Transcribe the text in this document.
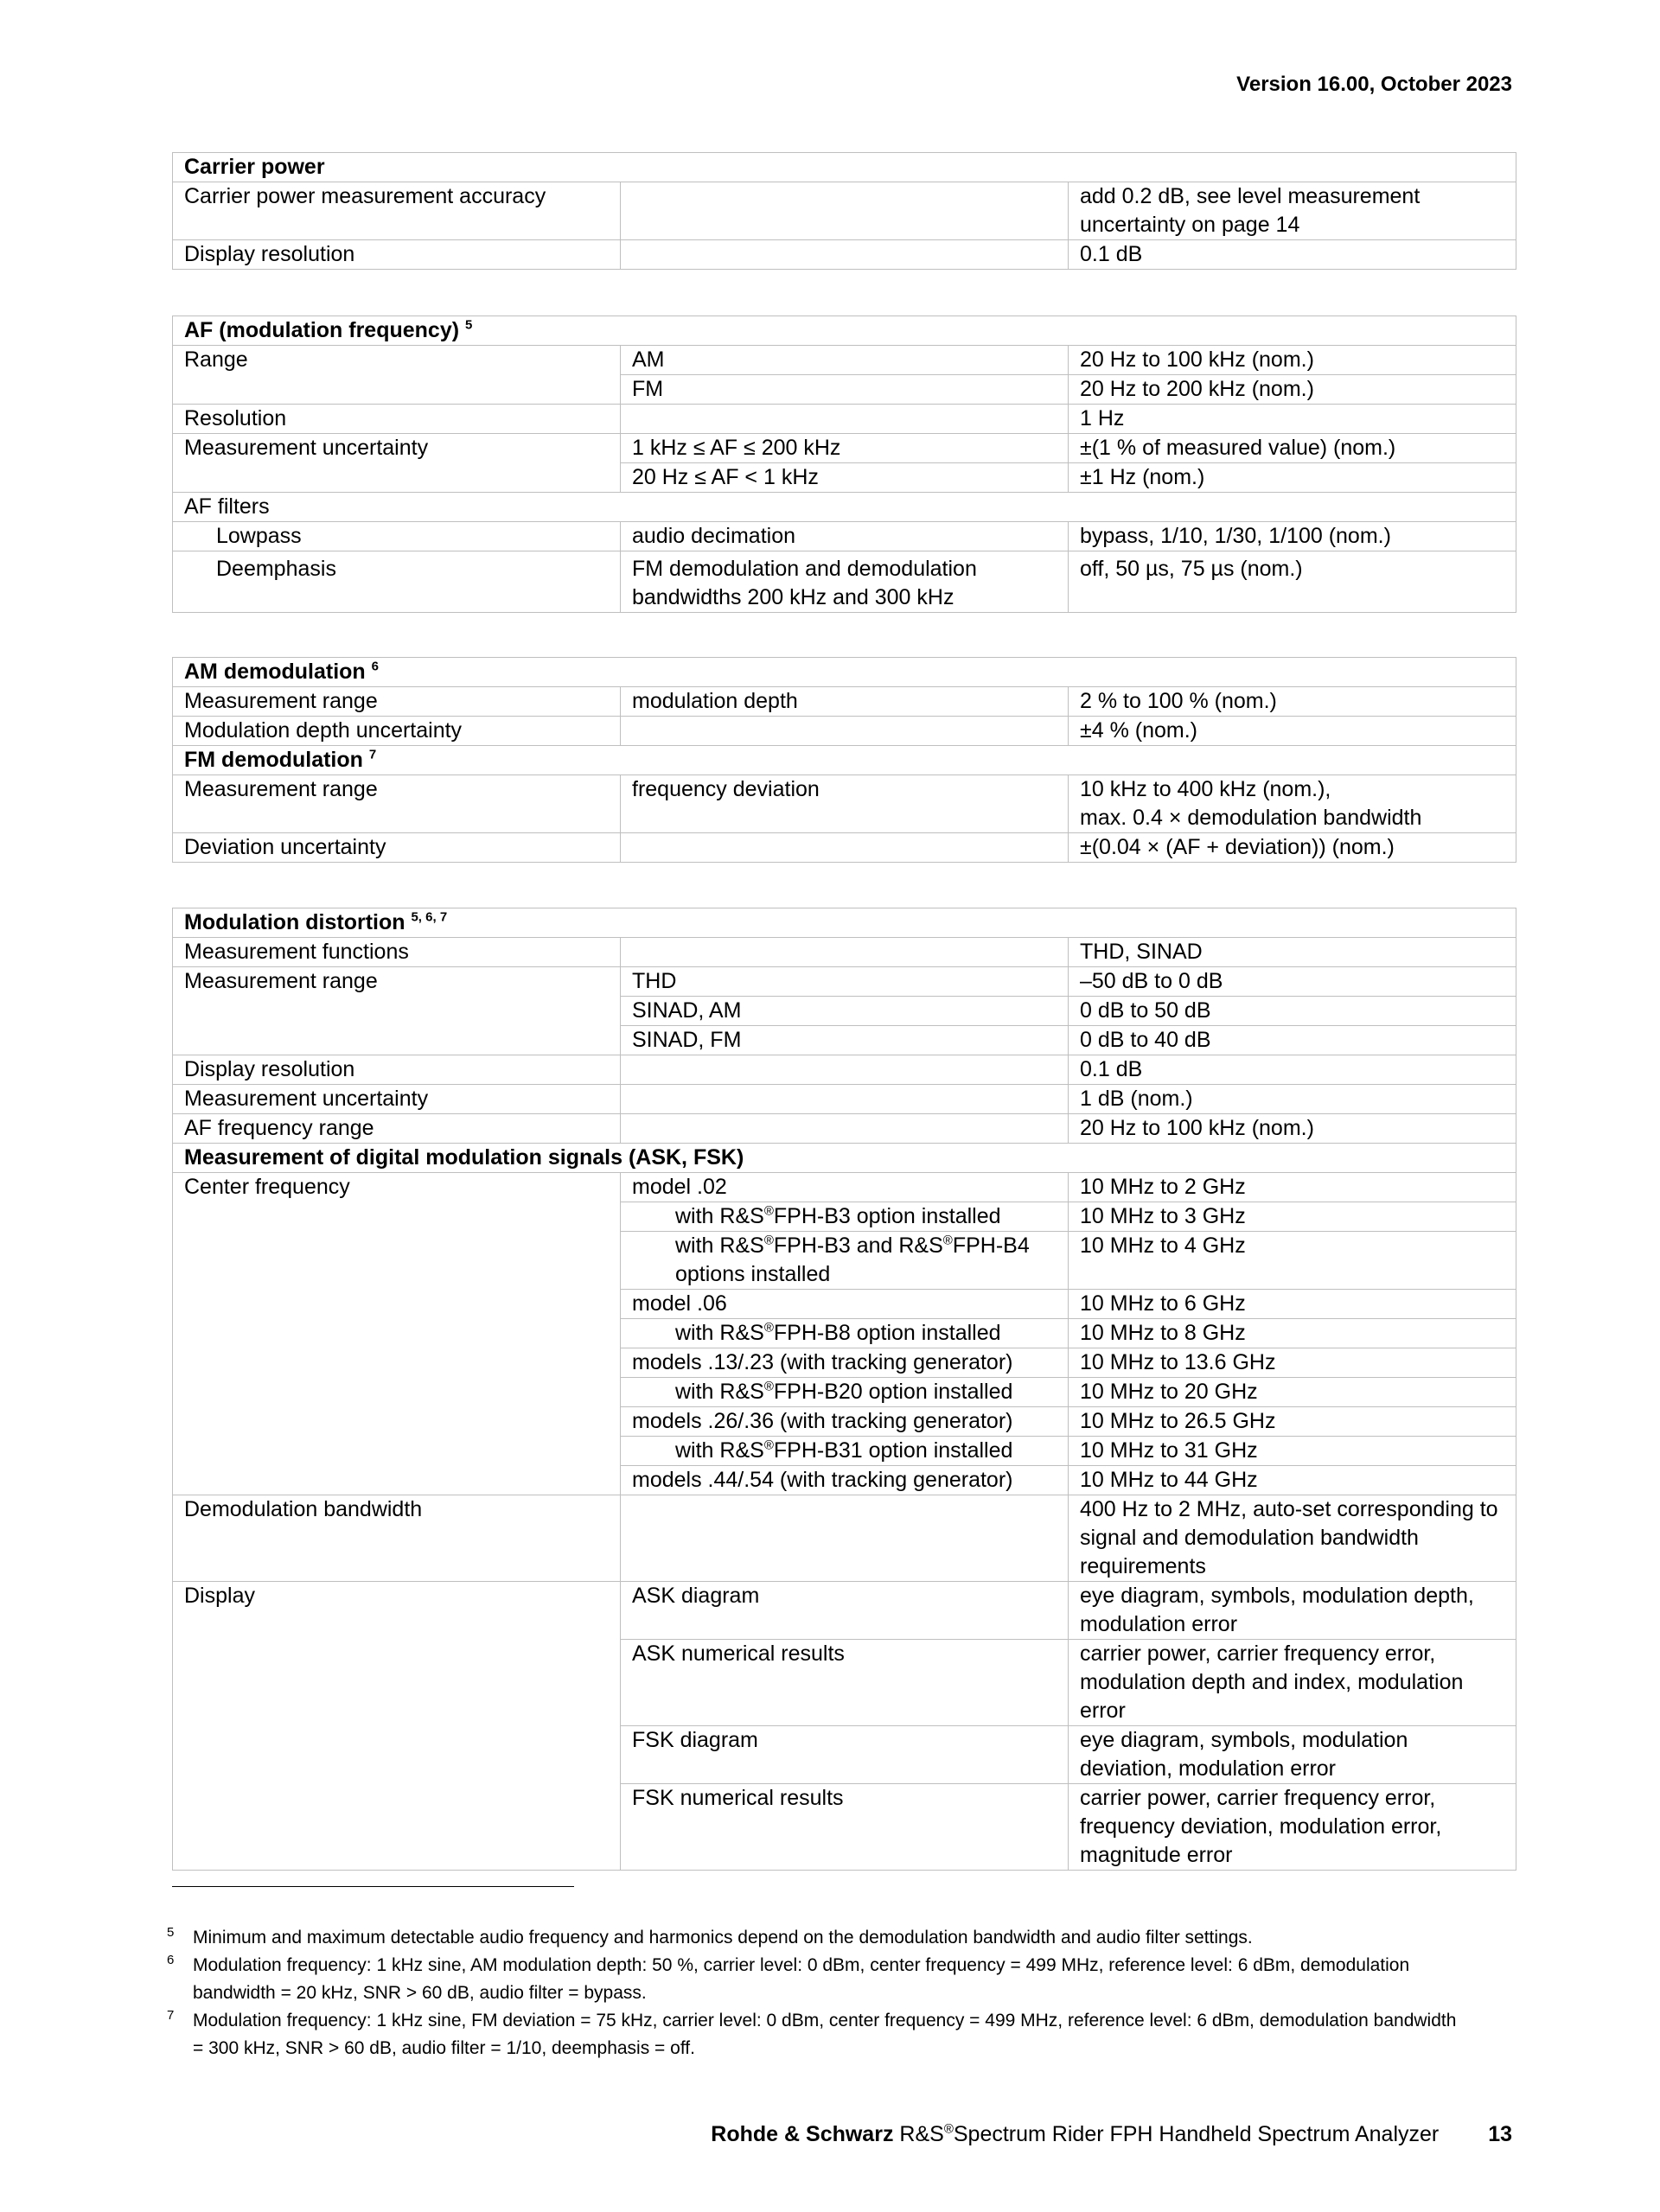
Version 16.00, October 2023
Carrier power		
Carrier power measurement accuracy		add 0.2 dB, see level measurement uncertainty on page 14
Display resolution		0.1 dB
AF (modulation frequency) $^5$
Range	AM	20 Hz to 100 kHz (nom.)
	FM	20 Hz to 200 kHz (nom.)
Resolution		1 Hz
Measurement uncertainty	1 kHz ≤ AF ≤ 200 kHz	±(1 % of measured value) (nom.)
	20 Hz ≤ AF < 1 kHz	±1 Hz (nom.)
AF filters		
Lowpass	audio decimation	bypass, 1/10, 1/30, 1/100 (nom.)
Deemphasis	FM demodulation and demodulation bandwidths 200 kHz and 300 kHz	off, 50 µs, 75 µs (nom.)
AM demodulation $^6$
Measurement range	modulation depth	2 % to 100 % (nom.)
Modulation depth uncertainty		±4 % (nom.)
FM demodulation $^7$
Measurement range	frequency deviation	10 kHz to 400 kHz (nom.),
max. 0.4 × demodulation bandwidth
Deviation uncertainty		±(0.04 × (AF + deviation)) (nom.)
Modulation distortion $^{5, 6, 7}$
Measurement functions		THD, SINAD
Measurement range	THD	–50 dB to 0 dB
	SINAD, AM	0 dB to 50 dB
	SINAD, FM	0 dB to 40 dB
Display resolution		0.1 dB
Measurement uncertainty		1 dB (nom.)
AF frequency range		20 Hz to 100 kHz (nom.)
Measurement of digital modulation signals (ASK, FSK)		
Center frequency	model .02	10 MHz to 2 GHz

	with R&S®FPH-B3 option installed	10 MHz to 3 GHz

	with R&S®FPH-B3 and R&S®FPH-B4 options installed	10 MHz to 4 GHz
	model .06	10 MHz to 6 GHz

	with R&S®FPH-B8 option installed	10 MHz to 8 GHz
	models .13/.23 (with tracking generator)	10 MHz to 13.6 GHz

	with R&S®FPH-B20 option installed	10 MHz to 20 GHz
	models .26/.36 (with tracking generator)	10 MHz to 26.5 GHz

	with R&S®FPH-B31 option installed	10 MHz to 31 GHz
	models .44/.54 (with tracking generator)	10 MHz to 44 GHz
Demodulation bandwidth		400 Hz to 2 MHz, auto-set corresponding to signal and demodulation bandwidth requirements
Display	ASK diagram	eye diagram, symbols, modulation depth, modulation error
	ASK numerical results	carrier power, carrier frequency error, modulation depth and index, modulation error
	FSK diagram	eye diagram, symbols, modulation deviation, modulation error
	FSK numerical results	carrier power, carrier frequency error, frequency deviation, modulation error, magnitude error
5 Minimum and maximum detectable audio frequency and harmonics depend on the demodulation bandwidth and audio filter settings.
6 Modulation frequency: 1 kHz sine, AM modulation depth: 50 %, carrier level: 0 dBm, center frequency = 499 MHz, reference level: 6 dBm, demodulation bandwidth = 20 kHz, SNR > 60 dB, audio filter = bypass.
7 Modulation frequency: 1 kHz sine, FM deviation = 75 kHz, carrier level: 0 dBm, center frequency = 499 MHz, reference level: 6 dBm, demodulation bandwidth = 300 kHz, SNR > 60 dB, audio filter = 1/10, deemphasis = off.
Rohde & Schwarz R&S®Spectrum Rider FPH Handheld Spectrum Analyzer 13
